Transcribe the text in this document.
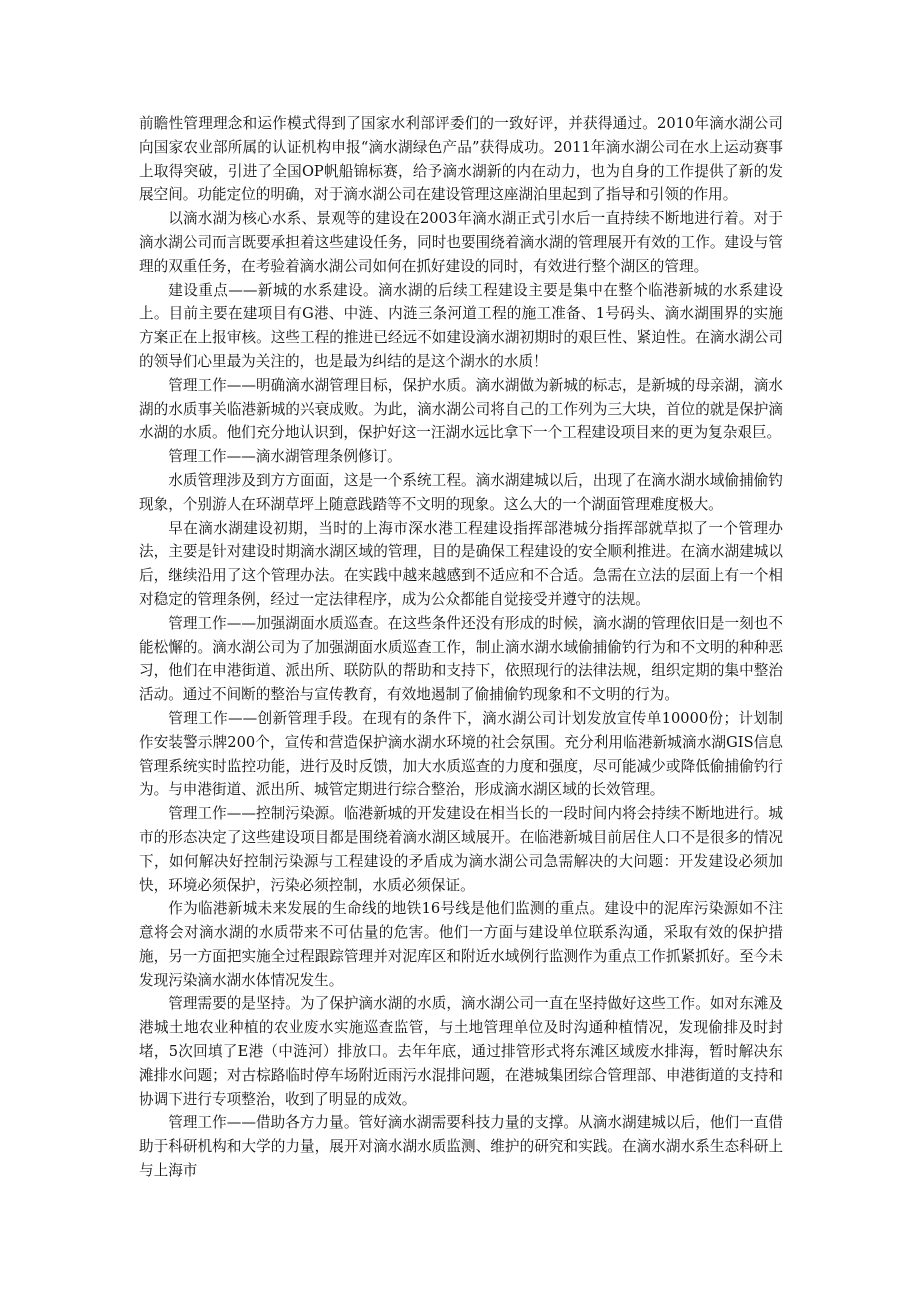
前瞻性管理理念和运作模式得到了国家水利部评委们的一致好评，并获得通过。2010年滴水湖公司向国家农业部所属的认证机构申报“滴水湖绿色产品”获得成功。2011年滴水湖公司在水上运动赛事上取得突破，引进了全国OP帆船锦标赛，给予滴水湖新的内在动力，也为自身的工作提供了新的发展空间。功能定位的明确，对于滴水湖公司在建设管理这座湖泊里起到了指导和引领的作用。

以滴水湖为核心水系、景观等的建设在2003年滴水湖正式引水后一直持续不断地进行着。对于滴水湖公司而言既要承担着这些建设任务，同时也要围绕着滴水湖的管理展开有效的工作。建设与管理的双重任务，在考验着滴水湖公司如何在抓好建设的同时，有效进行整个湖区的管理。

建设重点——新城的水系建设。滴水湖的后续工程建设主要是集中在整个临港新城的水系建设上。目前主要在建项目有G港、中涟、内涟三条河道工程的施工准备、1号码头、滴水湖围界的实施方案正在上报审核。这些工程的推进已经远不如建设滴水湖初期时的艰巨性、紧迫性。在滴水湖公司的领导们心里最为关注的，也是最为纠结的是这个湖水的水质！

管理工作——明确滴水湖管理目标，保护水质。滴水湖做为新城的标志，是新城的母亲湖，滴水湖的水质事关临港新城的兴衰成败。为此，滴水湖公司将自己的工作列为三大块，首位的就是保护滴水湖的水质。他们充分地认识到，保护好这一汪湖水远比拿下一个工程建设项目来的更为复杂艰巨。

管理工作——滴水湖管理条例修订。

水质管理涉及到方方面面，这是一个系统工程。滴水湖建城以后，出现了在滴水湖水域偷捕偷钓现象，个别游人在环湖草坪上随意践踏等不文明的现象。这么大的一个湖面管理难度极大。

早在滴水湖建设初期，当时的上海市深水港工程建设指挥部港城分指挥部就草拟了一个管理办法，主要是针对建设时期滴水湖区域的管理，目的是确保工程建设的安全顺利推进。在滴水湖建城以后，继续沿用了这个管理办法。在实践中越来越感到不适应和不合适。急需在立法的层面上有一个相对稳定的管理条例，经过一定法律程序，成为公众都能自觉接受并遵守的法规。

管理工作——加强湖面水质巡查。在这些条件还没有形成的时候，滴水湖的管理依旧是一刻也不能松懈的。滴水湖公司为了加强湖面水质巡查工作，制止滴水湖水域偷捕偷钓行为和不文明的种种恶习，他们在申港街道、派出所、联防队的帮助和支持下，依照现行的法律法规，组织定期的集中整治活动。通过不间断的整治与宣传教育，有效地遏制了偷捕偷钓现象和不文明的行为。

管理工作——创新管理手段。在现有的条件下，滴水湖公司计划发放宣传单10000份；计划制作安装警示牌200个，宣传和营造保护滴水湖水环境的社会氛围。充分利用临港新城滴水湖GIS信息管理系统实时监控功能，进行及时反馈，加大水质巡查的力度和强度，尽可能减少或降低偷捕偷钓行为。与申港街道、派出所、城管定期进行综合整治，形成滴水湖区域的长效管理。

管理工作——控制污染源。临港新城的开发建设在相当长的一段时间内将会持续不断地进行。城市的形态决定了这些建设项目都是围绕着滴水湖区域展开。在临港新城目前居住人口不是很多的情况下，如何解决好控制污染源与工程建设的矛盾成为滴水湖公司急需解决的大问题：开发建设必须加快，环境必须保护，污染必须控制，水质必须保证。

作为临港新城未来发展的生命线的地铁16号线是他们监测的重点。建设中的泥库污染源如不注意将会对滴水湖的水质带来不可估量的危害。他们一方面与建设单位联系沟通，采取有效的保护措施，另一方面把实施全过程跟踪管理并对泥库区和附近水域例行监测作为重点工作抓紧抓好。至今未发现污染滴水湖水体情况发生。

管理需要的是坚持。为了保护滴水湖的水质，滴水湖公司一直在坚持做好这些工作。如对东滩及港城土地农业种植的农业废水实施巡查监管，与土地管理单位及时沟通种植情况，发现偷排及时封堵，5次回填了E港（中涟河）排放口。去年年底，通过排管形式将东滩区域废水排海，暂时解决东滩排水问题；对古棕路临时停车场附近雨污水混排问题，在港城集团综合管理部、申港街道的支持和协调下进行专项整治，收到了明显的成效。

管理工作——借助各方力量。管好滴水湖需要科技力量的支撑。从滴水湖建城以后，他们一直借助于科研机构和大学的力量，展开对滴水湖水质监测、维护的研究和实践。在滴水湖水系生态科研上与上海市
